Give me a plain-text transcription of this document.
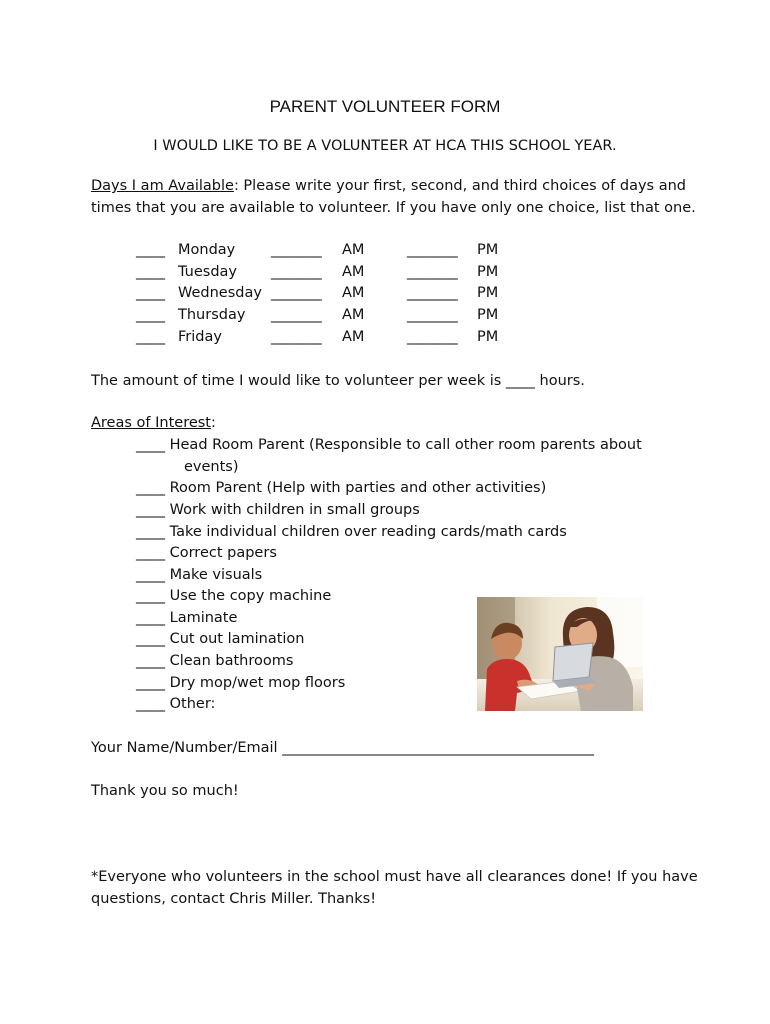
PARENT VOLUNTEER FORM
I WOULD LIKE TO BE A VOLUNTEER AT HCA THIS SCHOOL YEAR.
Days I am Available: Please write your first, second, and third choices of days and
times that you are available to volunteer. If you have only one choice, list that one.
____ Monday _______ AM	_______ PM
____ Tuesday _______ AM	_______ PM
____ Wednesday _______ AM	_______ PM
____ Thursday _______ AM	_______ PM
____ Friday	_______ AM	_______ PM
The amount of time I would like to volunteer per week is ____ hours.
Areas of Interest:
____ Head Room Parent (Responsible to call other room parents about
events)
____ Room Parent (Help with parties and other activities)
____ Work with children in small groups
____ Take individual children over reading cards/math cards
____ Correct papers
____ Make visuals
____ Use the copy machine
____ Laminate
____ Cut out lamination
____ Clean bathrooms
____ Dry mop/wet mop floors
____ Other:
Your Name/Number/Email ___________________________________________
Thank you so much!
*Everyone who volunteers in the school must have all clearances done! If you have
questions, contact Chris Miller. Thanks!
